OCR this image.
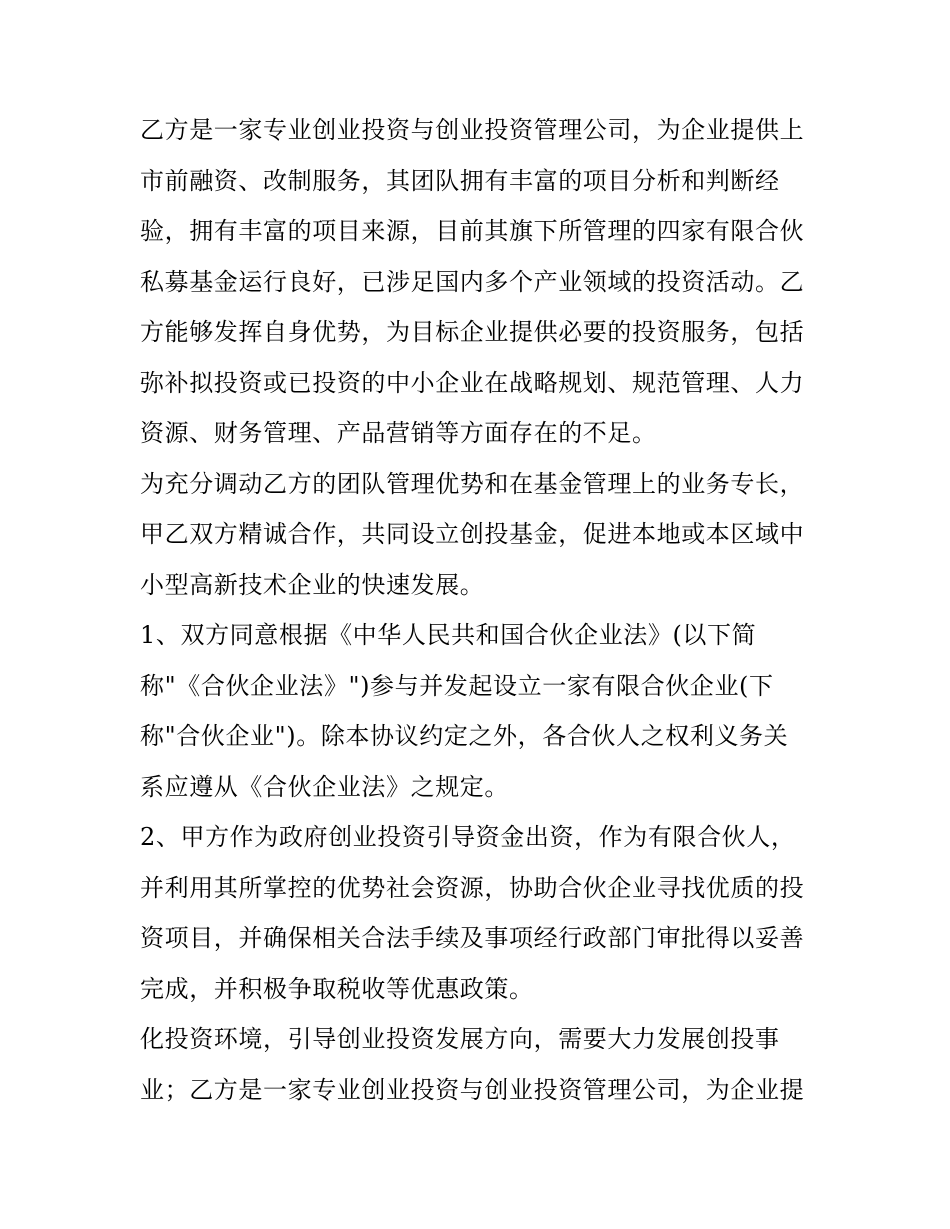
乙方是一家专业创业投资与创业投资管理公司，为企业提供上
市前融资、改制服务，其团队拥有丰富的项目分析和判断经
验，拥有丰富的项目来源，目前其旗下所管理的四家有限合伙
私募基金运行良好，已涉足国内多个产业领域的投资活动。乙
方能够发挥自身优势，为目标企业提供必要的投资服务，包括
弥补拟投资或已投资的中小企业在战略规划、规范管理、人力
资源、财务管理、产品营销等方面存在的不足。

为充分调动乙方的团队管理优势和在基金管理上的业务专长，
甲乙双方精诚合作，共同设立创投基金，促进本地或本区域中
小型高新技术企业的快速发展。

1、双方同意根据《中华人民共和国合伙企业法》(以下简
称"《合伙企业法》")参与并发起设立一家有限合伙企业(下
称"合伙企业")。除本协议约定之外，各合伙人之权利义务关
系应遵从《合伙企业法》之规定。

2、甲方作为政府创业投资引导资金出资，作为有限合伙人，
并利用其所掌控的优势社会资源，协助合伙企业寻找优质的投
资项目，并确保相关合法手续及事项经行政部门审批得以妥善
完成，并积极争取税收等优惠政策。

化投资环境，引导创业投资发展方向，需要大力发展创投事
业；乙方是一家专业创业投资与创业投资管理公司，为企业提
